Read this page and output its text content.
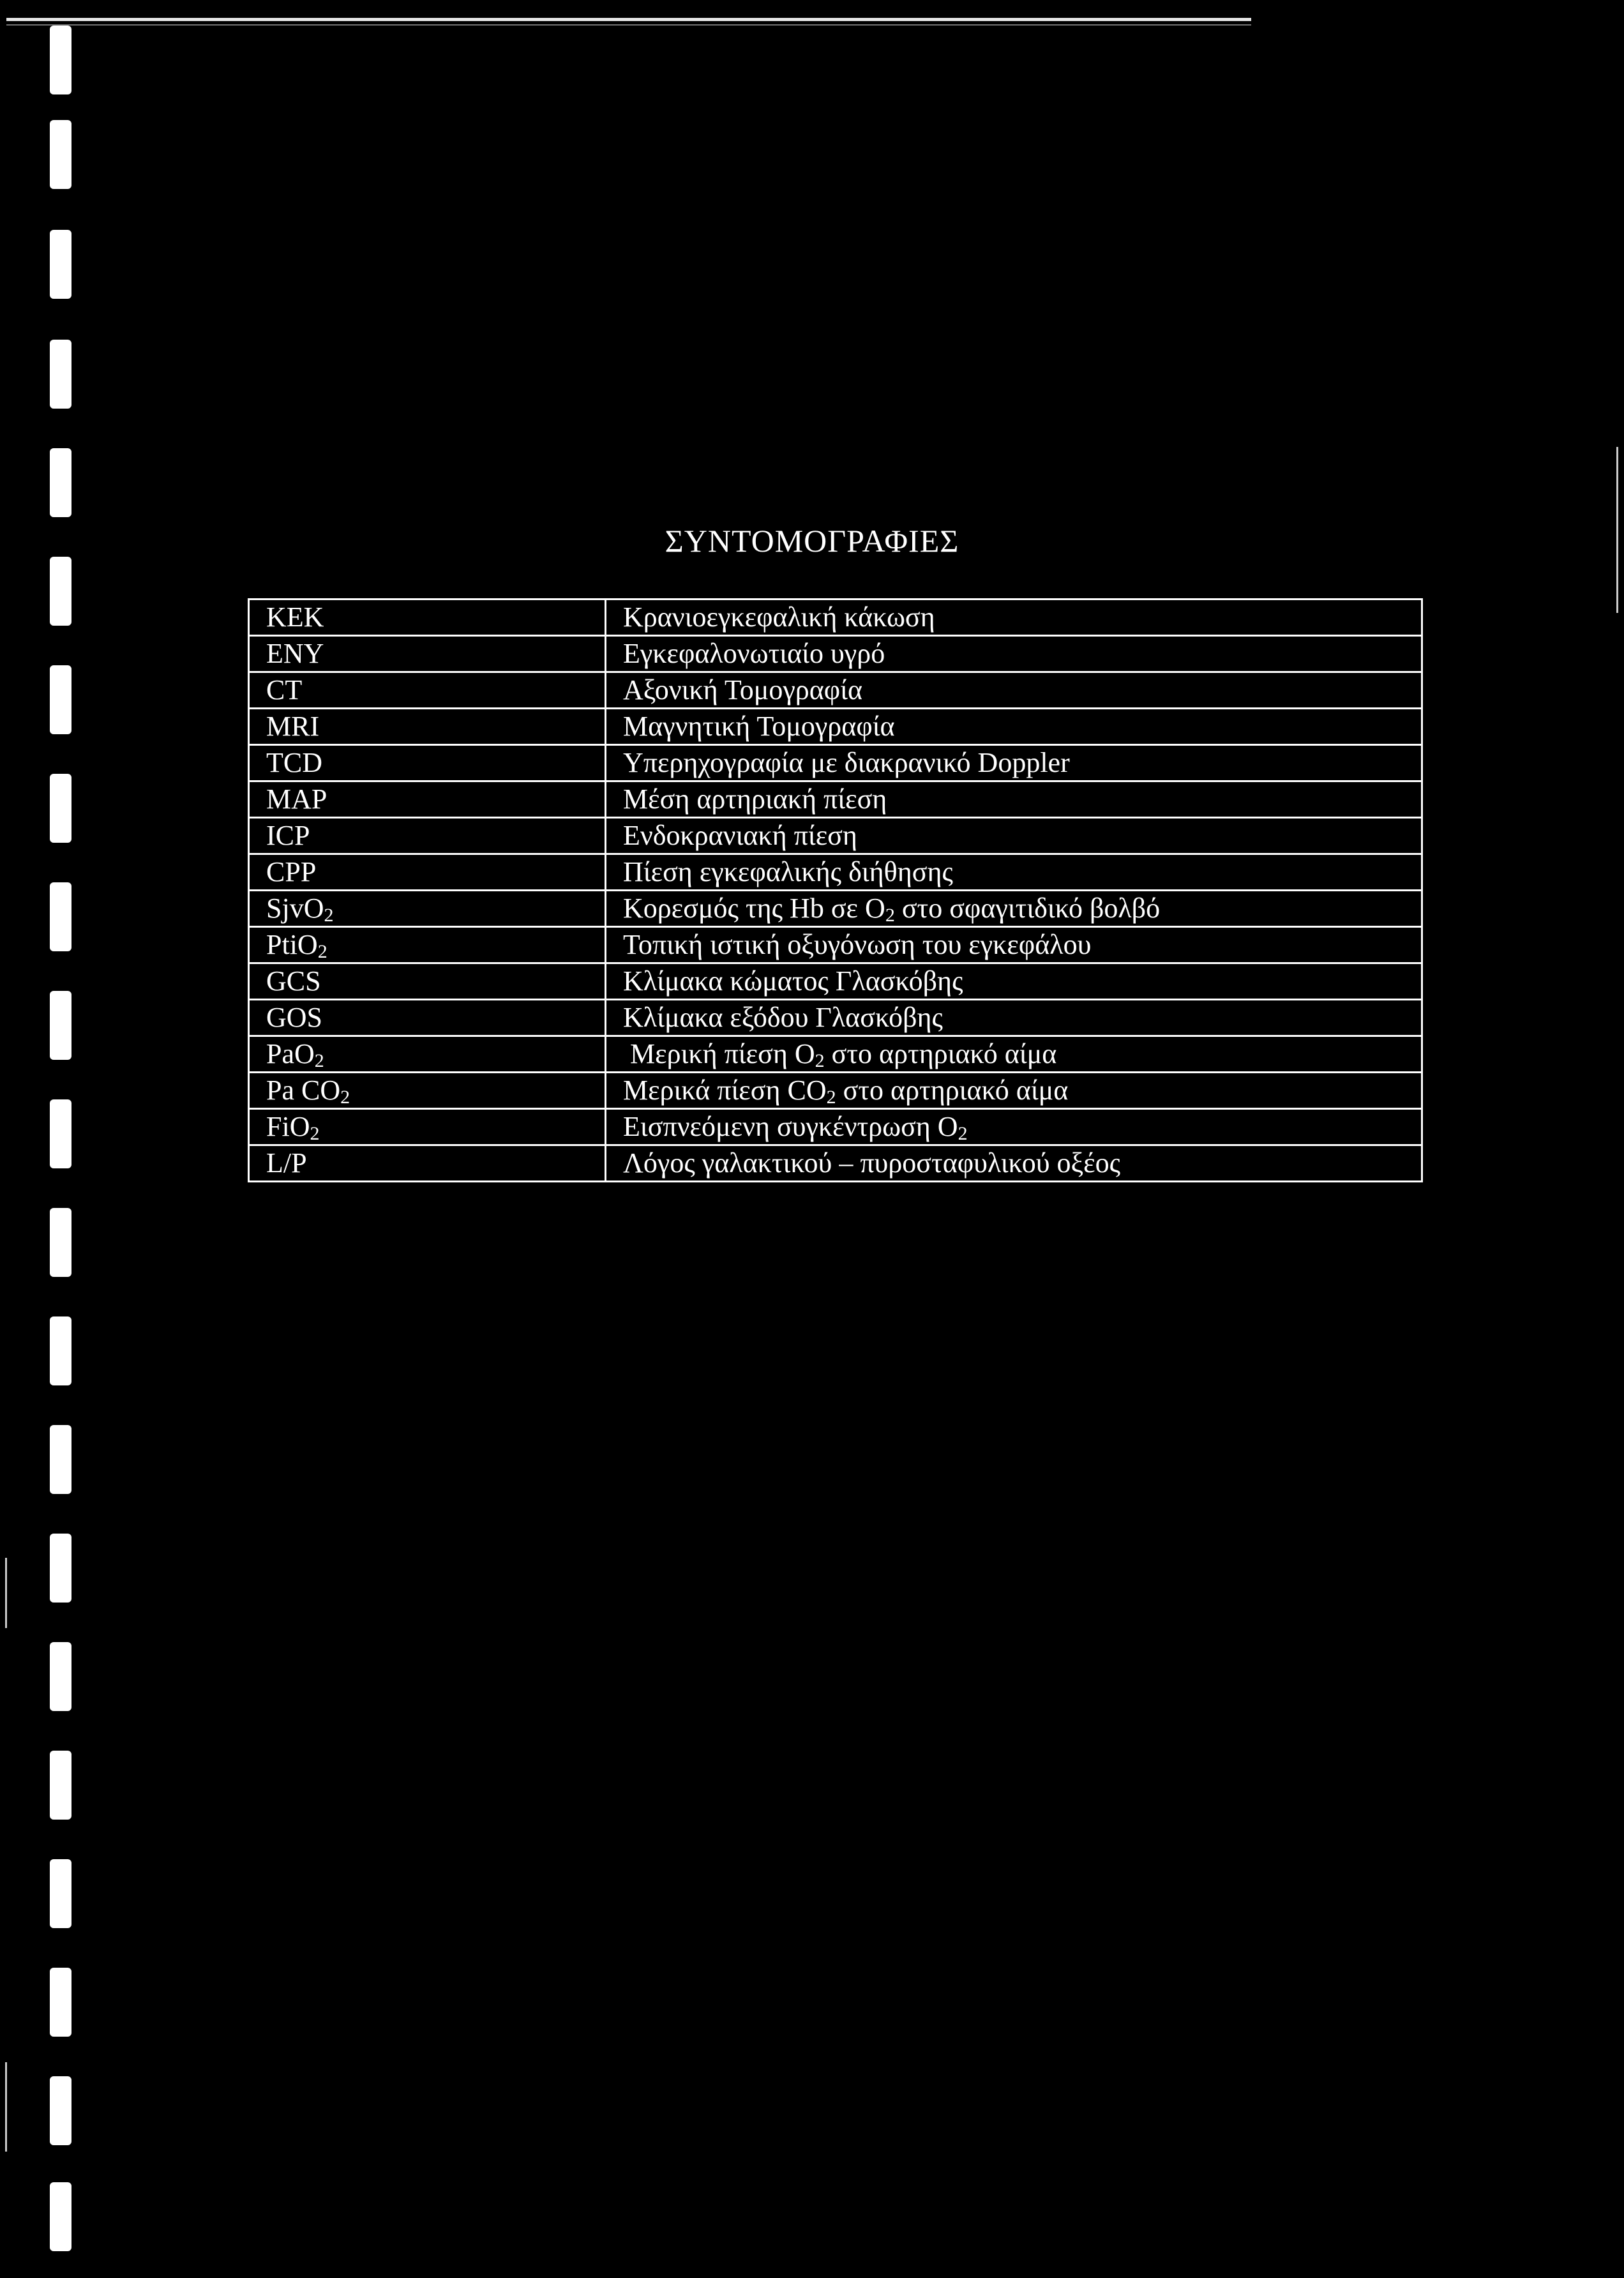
ΣΥΝΤΟΜΟΓΡΑΦΙΕΣ
KEK	Κρανιοεγκεφαλική κάκωση
ENY	Εγκεφαλονωτιαίο υγρό
CT	Αξονική Τομογραφία
MRI	Μαγνητική Τομογραφία
TCD	Υπερηχογραφία με διακρανικό Doppler
MAP	Μέση αρτηριακή πίεση
ICP	Ενδοκρανιακή πίεση
CPP	Πίεση εγκεφαλικής διήθησης
SjvO$_2$	Κορεσμός της Hb σε $O_2$ στο σφαγιτιδικό βολβό
PtiO$_2$	Τοπική ιστική οξυγόνωση του εγκεφάλου
GCS	Κλίμακα κώματος Γλασκόβης
GOS	Κλίμακα εξόδου Γλασκόβης
PaO$_2$	Μερική πίεση $O_2$ στο αρτηριακό αίμα
Pa $CO_2$	Μερικά πίεση $CO_2$ στο αρτηριακό αίμα
FiO$_2$	Εισπνεόμενη συγκέντρωση $O_2$
L/P	Λόγος γαλακτικού – πυροσταφυλικού οξέος
